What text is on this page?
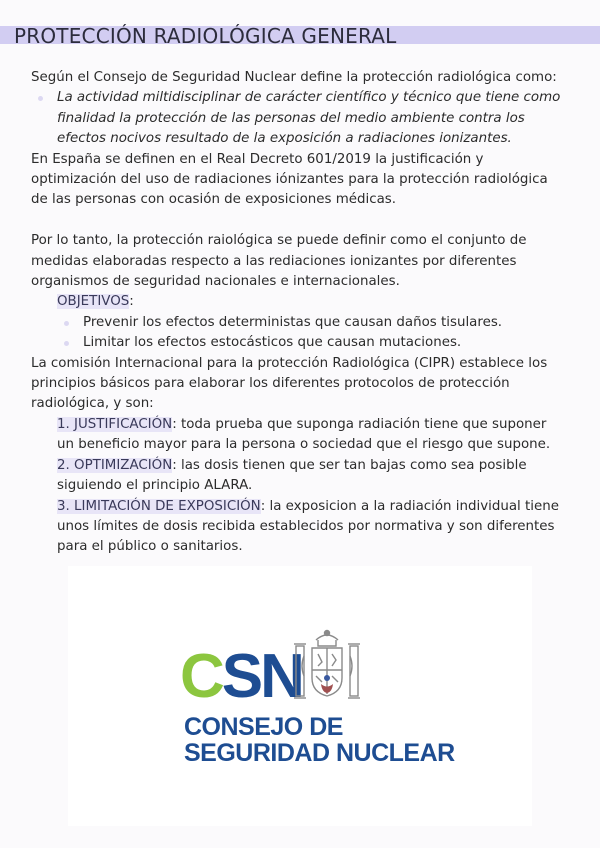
PROTECCIÓN RADIOLÓGICA GENERAL

Según el Consejo de Seguridad Nuclear define la protección radiológica como:

La actividad miltidisciplinar de carácter científico y técnico que tiene como finalidad la protección de las personas del medio ambiente contra los efectos nocivos resultado de la exposición a radiaciones ionizantes.

En España se definen en el Real Decreto 601/2019 la justificación y optimización del uso de radiaciones iónizantes para la protección radiológica de las personas con ocasión de exposiciones médicas.

Por lo tanto, la protección raiológica se puede definir como el conjunto de medidas elaboradas respecto a las rediaciones ionizantes por diferentes organismos de seguridad nacionales e internacionales.

OBJETIVOS:

Prevenir los efectos deterministas que causan daños tisulares.

Limitar los efectos estocásticos que causan mutaciones.

La comisión Internacional para la protección Radiológica (CIPR) establece los principios básicos para elaborar los diferentes protocolos de protección radiológica, y son:

1. JUSTIFICACIÓN: toda prueba que suponga radiación tiene que suponer un beneficio mayor para la persona o sociedad que el riesgo que supone.

2. OPTIMIZACIÓN: las dosis tienen que ser tan bajas como sea posible siguiendo el principio ALARA.

3. LIMITACIÓN DE EXPOSICIÓN: la exposicion a la radiación individual tiene unos límites de dosis recibida establecidos por normativa y son diferentes para el público o sanitarios.

CSN
CONSEJO DE
SEGURIDAD NUCLEAR
